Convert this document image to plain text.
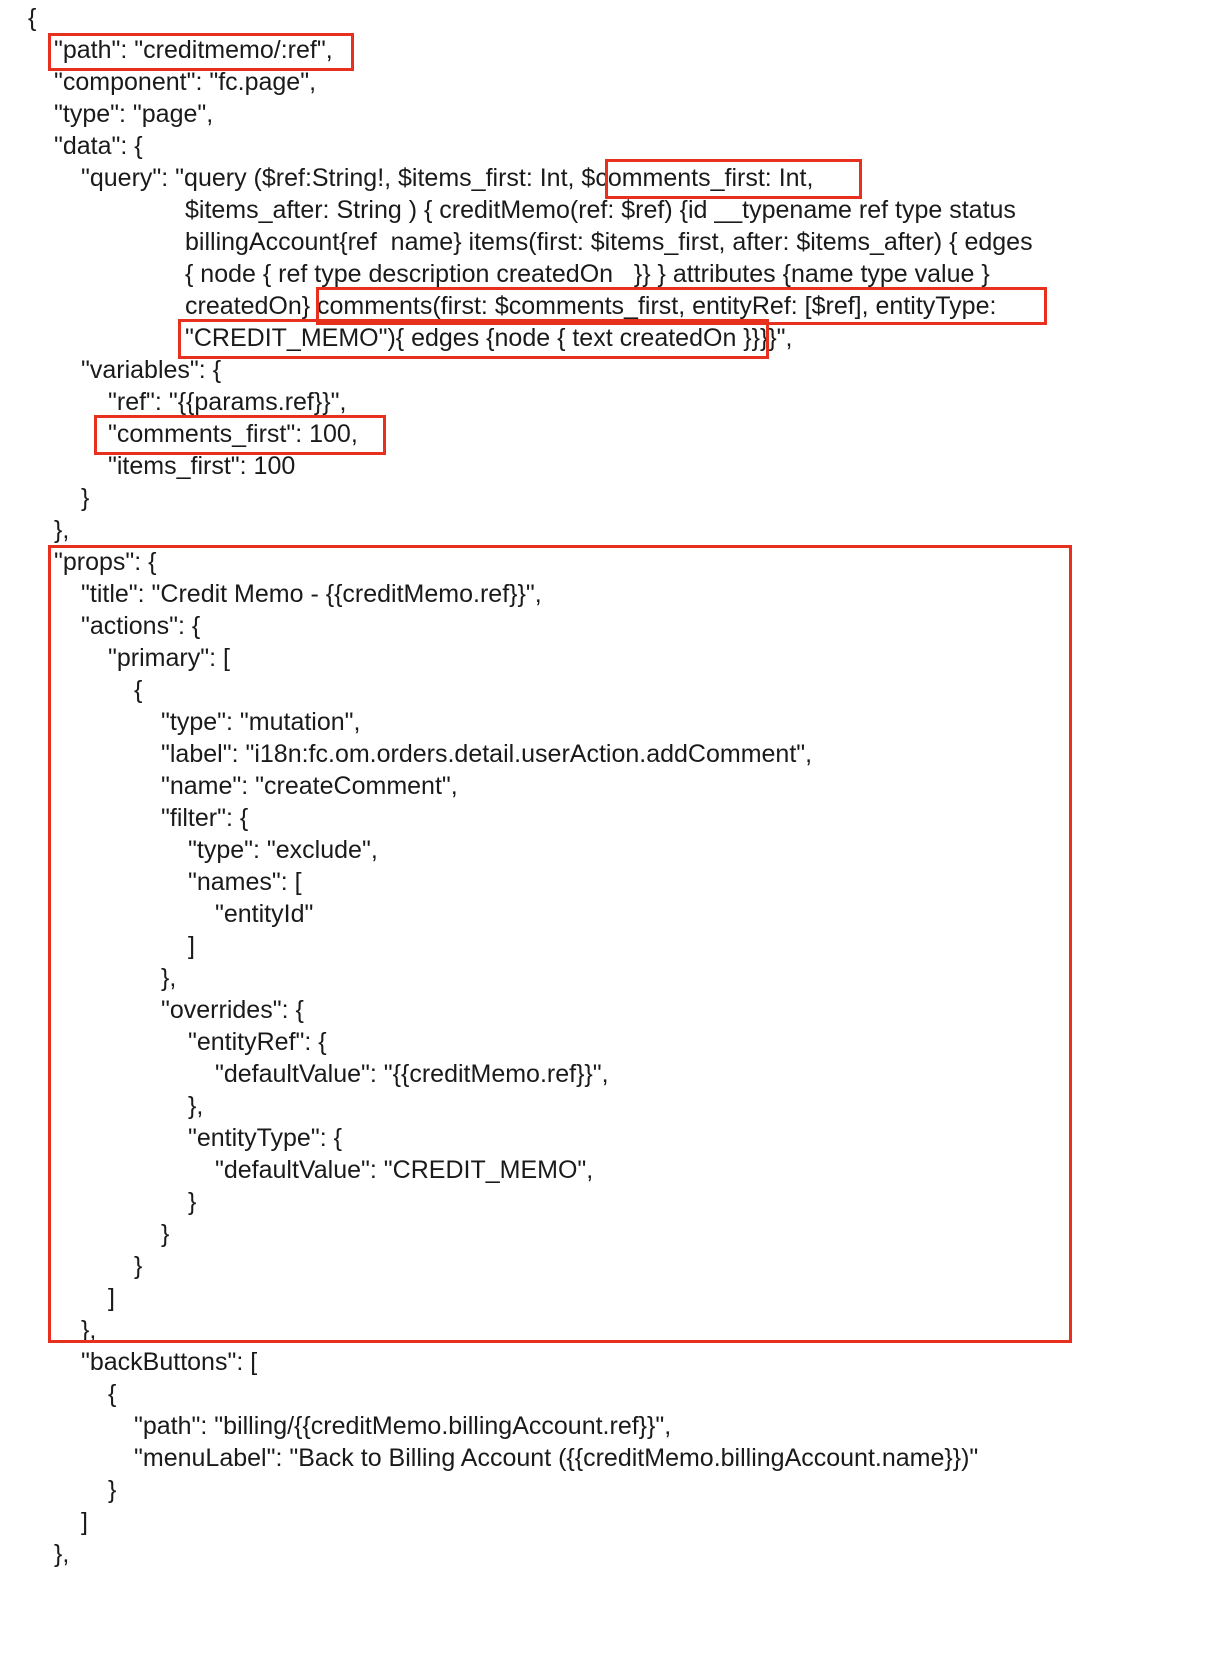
{
"path": "creditmemo/:ref",
"component": "fc.page",
"type": "page",
"data": {
"query": "query ($ref:String!, $items_first: Int, $comments_first: Int,
$items_after: String ) { creditMemo(ref: $ref) {id __typename ref type status
billingAccount{ref  name} items(first: $items_first, after: $items_after) { edges
{ node { ref type description createdOn   }} } attributes {name type value }
createdOn} comments(first: $comments_first, entityRef: [$ref], entityType:
"CREDIT_MEMO"){ edges {node { text createdOn }}}}",
"variables": {
"ref": "{{params.ref}}",
"comments_first": 100,
"items_first": 100
}
},
"props": {
"title": "Credit Memo - {{creditMemo.ref}}",
"actions": {
"primary": [
{
"type": "mutation",
"label": "i18n:fc.om.orders.detail.userAction.addComment",
"name": "createComment",
"filter": {
"type": "exclude",
"names": [
"entityId"
]
},
"overrides": {
"entityRef": {
"defaultValue": "{{creditMemo.ref}}",
},
"entityType": {
"defaultValue": "CREDIT_MEMO",
}
}
}
]
},
"backButtons": [
{
"path": "billing/{{creditMemo.billingAccount.ref}}",
"menuLabel": "Back to Billing Account ({{creditMemo.billingAccount.name}})"
}
]
},
